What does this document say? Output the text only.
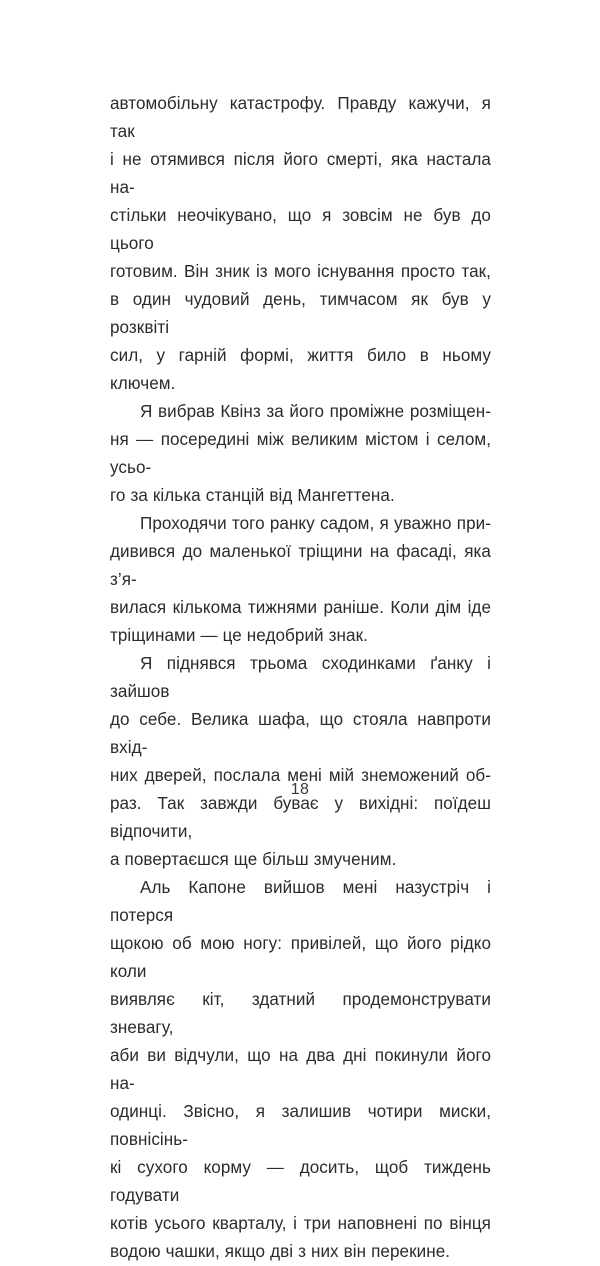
автомобільну катастрофу. Правду кажучи, я так
і не отямився після його смерті, яка настала на-
стільки неочікувано, що я зовсім не був до цього
готовим. Він зник із мого існування просто так,
в один чудовий день, тимчасом як був у розквіті
сил, у гарній формі, життя било в ньому ключем.

Я вибрав Квінз за його проміжне розміщен-
ня — посередині між великим містом і селом, усьо-
го за кілька станцій від Мангеттена.

Проходячи того ранку садом, я уважно при-
дивився до маленької тріщини на фасаді, яка з’я-
вилася кількома тижнями раніше. Коли дім іде
тріщинами — це недобрий знак.

Я піднявся трьома сходинками ґанку і зайшов
до себе. Велика шафа, що стояла навпроти вхід-
них дверей, послала мені мій знеможений об-
раз. Так завжди буває у вихідні: поїдеш відпочити,
а повертаєшся ще більш змученим.

Аль Капоне вийшов мені назустріч і потерся
щокою об мою ногу: привілей, що його рідко коли
виявляє кіт, здатний продемонструвати зневагу,
аби ви відчули, що на два дні покинули його на-
одинці. Звісно, я залишив чотири миски, повнісінь-
кі сухого корму — досить, щоб тиждень годувати
котів усього кварталу, і три наповнені по вінця
водою чашки, якщо дві з них він перекине.

18
